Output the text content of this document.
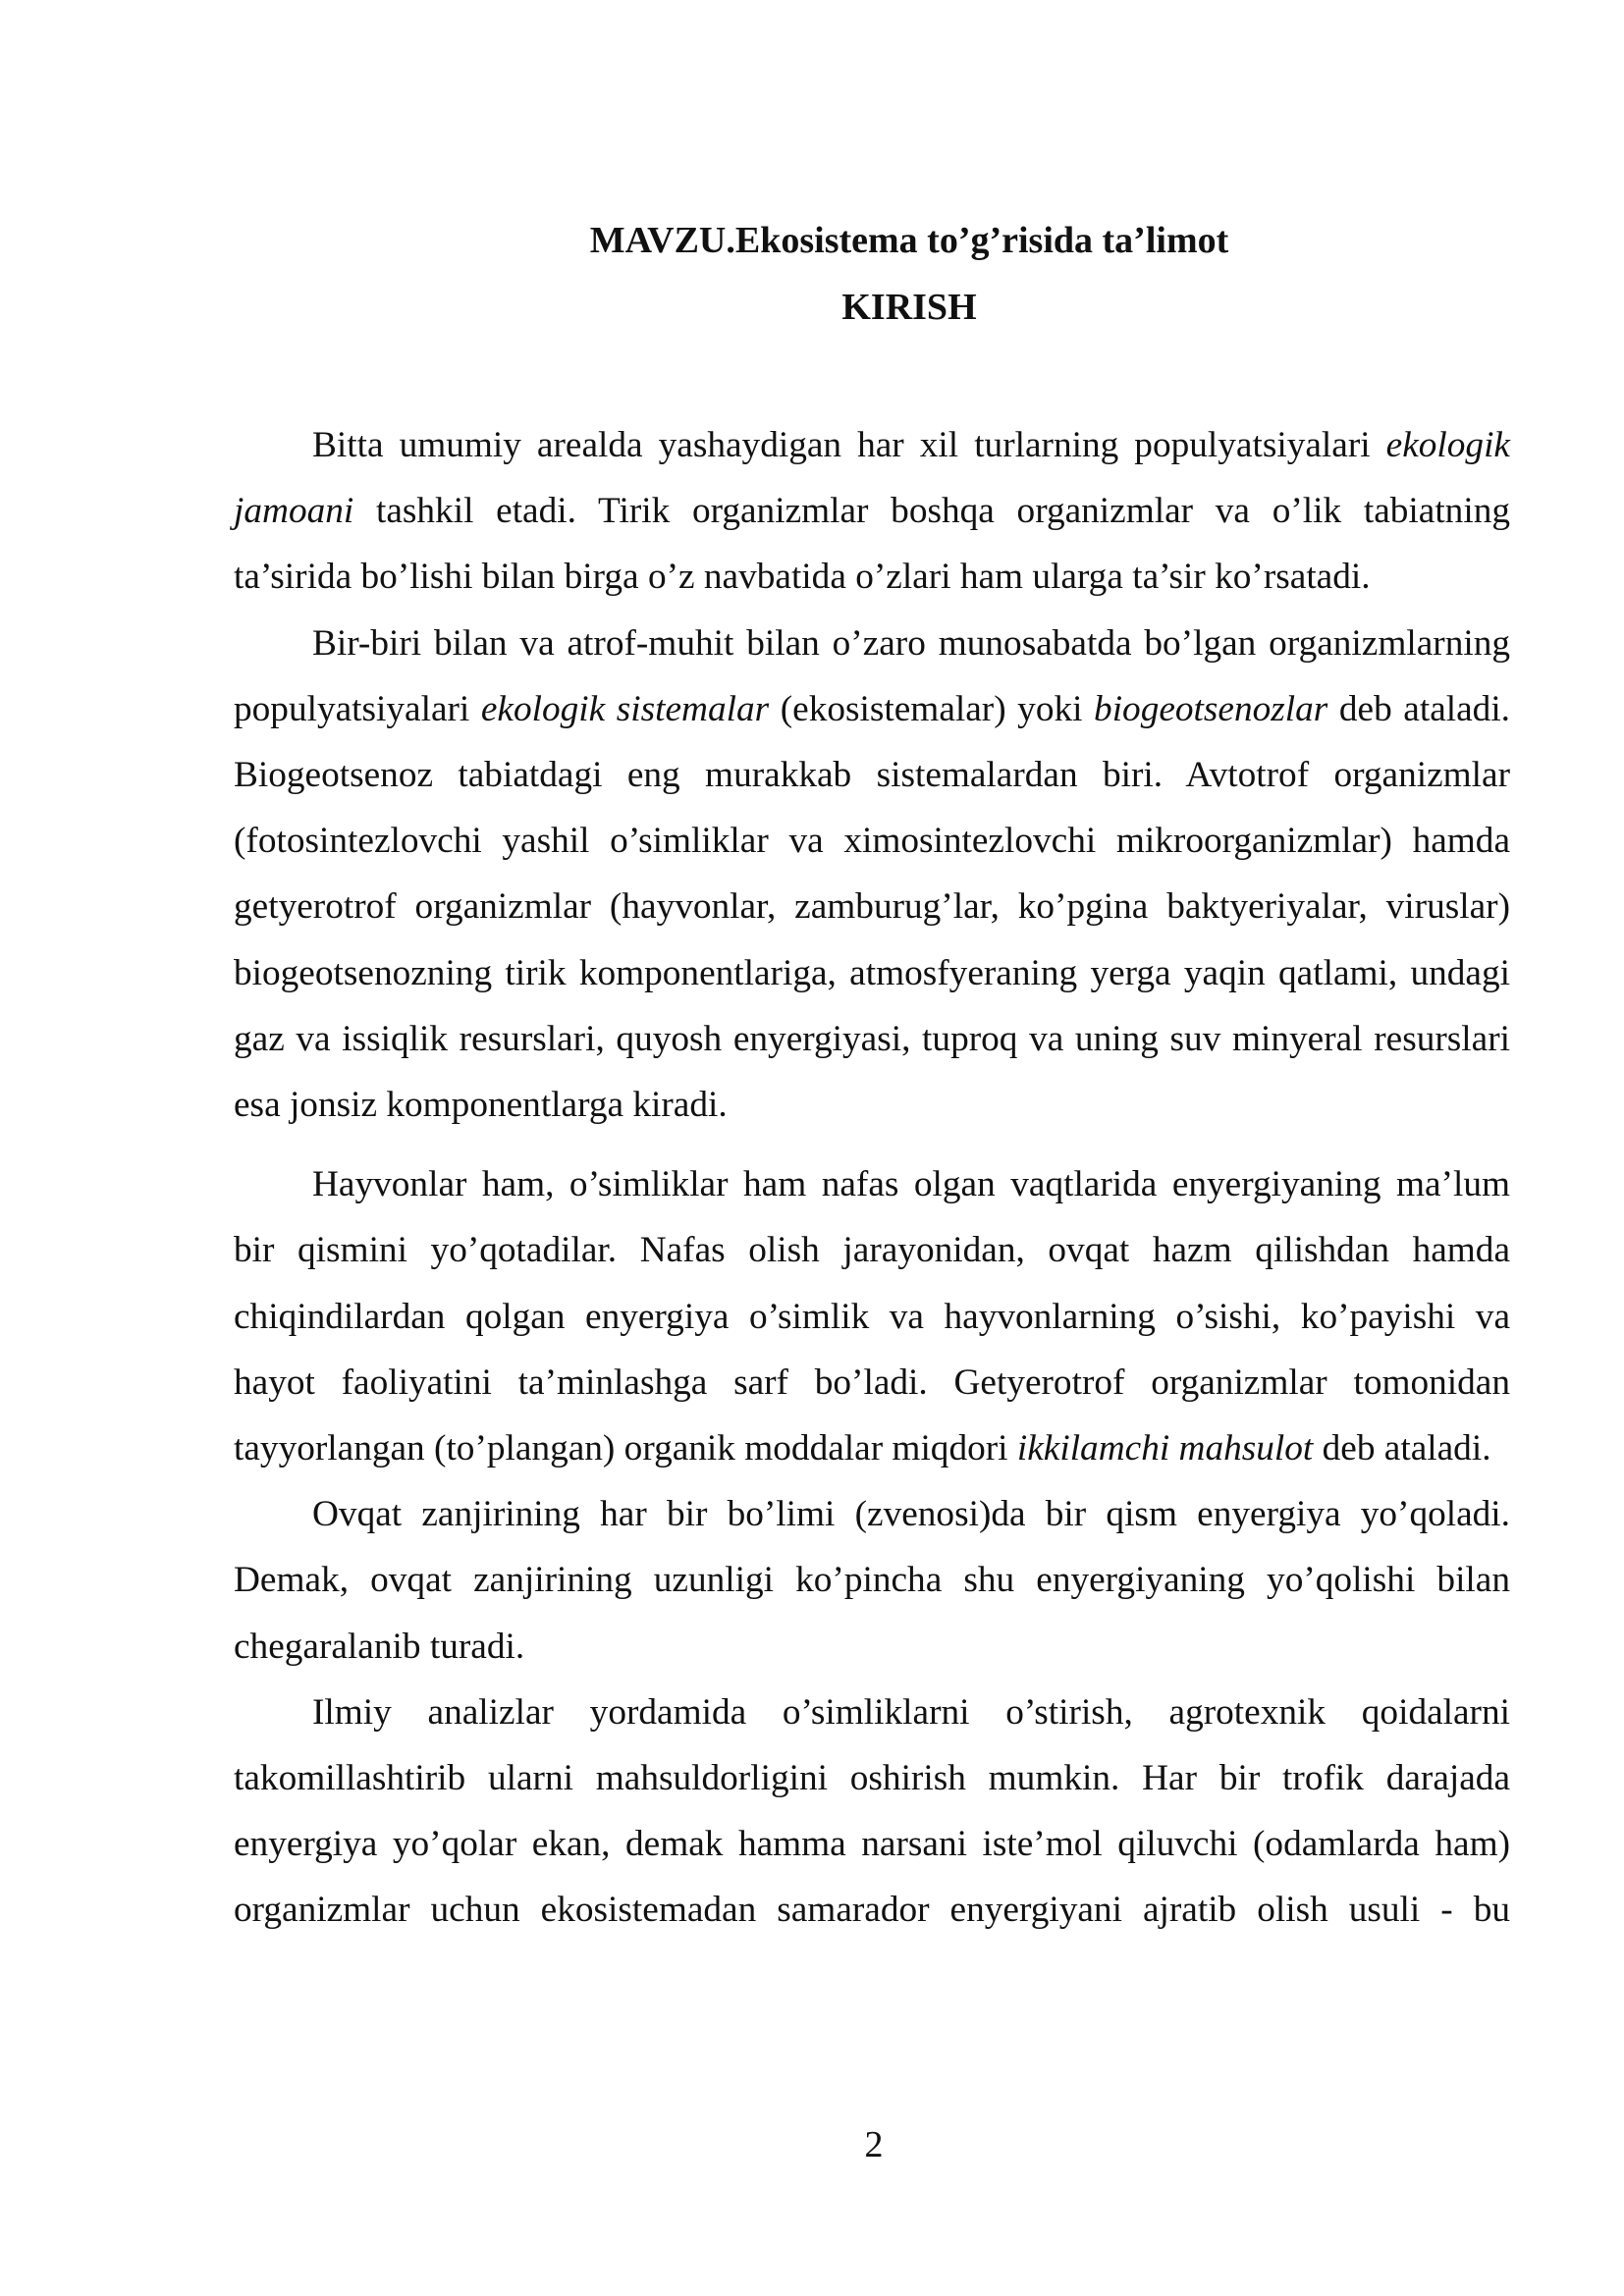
MAVZU.Ekosistema to’g’risida ta’limot

KIRISH

Bitta umumiy arealda yashaydigan har xil turlarning populyatsiyalari ekologik jamoani tashkil etadi. Tirik organizmlar boshqa organizmlar va o’lik tabiatning ta’sirida bo’lishi bilan birga o’z navbatida o’zlari ham ularga ta’sir ko’rsatadi.

Bir-biri bilan va atrof-muhit bilan o’zaro munosabatda bo’lgan organizmlarning populyatsiyalari ekologik sistemalar (ekosistemalar) yoki biogeotsenozlar deb ataladi. Biogeotsenoz tabiatdagi eng murakkab sistemalardan biri. Avtotrof organizmlar (fotosintezlovchi yashil o’simliklar va ximosintezlovchi mikroorganizmlar) hamda getyerotrof organizmlar (hayvonlar, zamburug’lar, ko’pgina baktyeriyalar, viruslar) biogeotsenozning tirik komponentlariga, atmosfyeraning yerga yaqin qatlami, undagi gaz va issiqlik resurslari, quyosh enyergiyasi, tuproq va uning suv minyeral resurslari esa jonsiz komponentlarga kiradi.

Hayvonlar ham, o’simliklar ham nafas olgan vaqtlarida enyergiyaning ma’lum bir qismini yo’qotadilar. Nafas olish jarayonidan, ovqat hazm qilishdan hamda chiqindilardan qolgan enyergiya o’simlik va hayvonlarning o’sishi, ko’payishi va hayot faoliyatini ta’minlashga sarf bo’ladi. Getyerotrof organizmlar tomonidan tayyorlangan (to’plangan) organik moddalar miqdori ikkilamchi mahsulot deb ataladi.

Ovqat zanjirining har bir bo’limi (zvenosi)da bir qism enyergiya yo’qoladi. Demak, ovqat zanjirining uzunligi ko’pincha shu enyergiyaning yo’qolishi bilan chegaralanib turadi.

Ilmiy analizlar yordamida o’simliklarni o’stirish, agrotexnik qoidalarni takomillashtirib ularni mahsuldorligini oshirish mumkin. Har bir trofik darajada enyergiya yo’qolar ekan, demak hamma narsani iste’mol qiluvchi (odamlarda ham) organizmlar uchun ekosistemadan samarador enyergiyani ajratib olish usuli - bu

2
